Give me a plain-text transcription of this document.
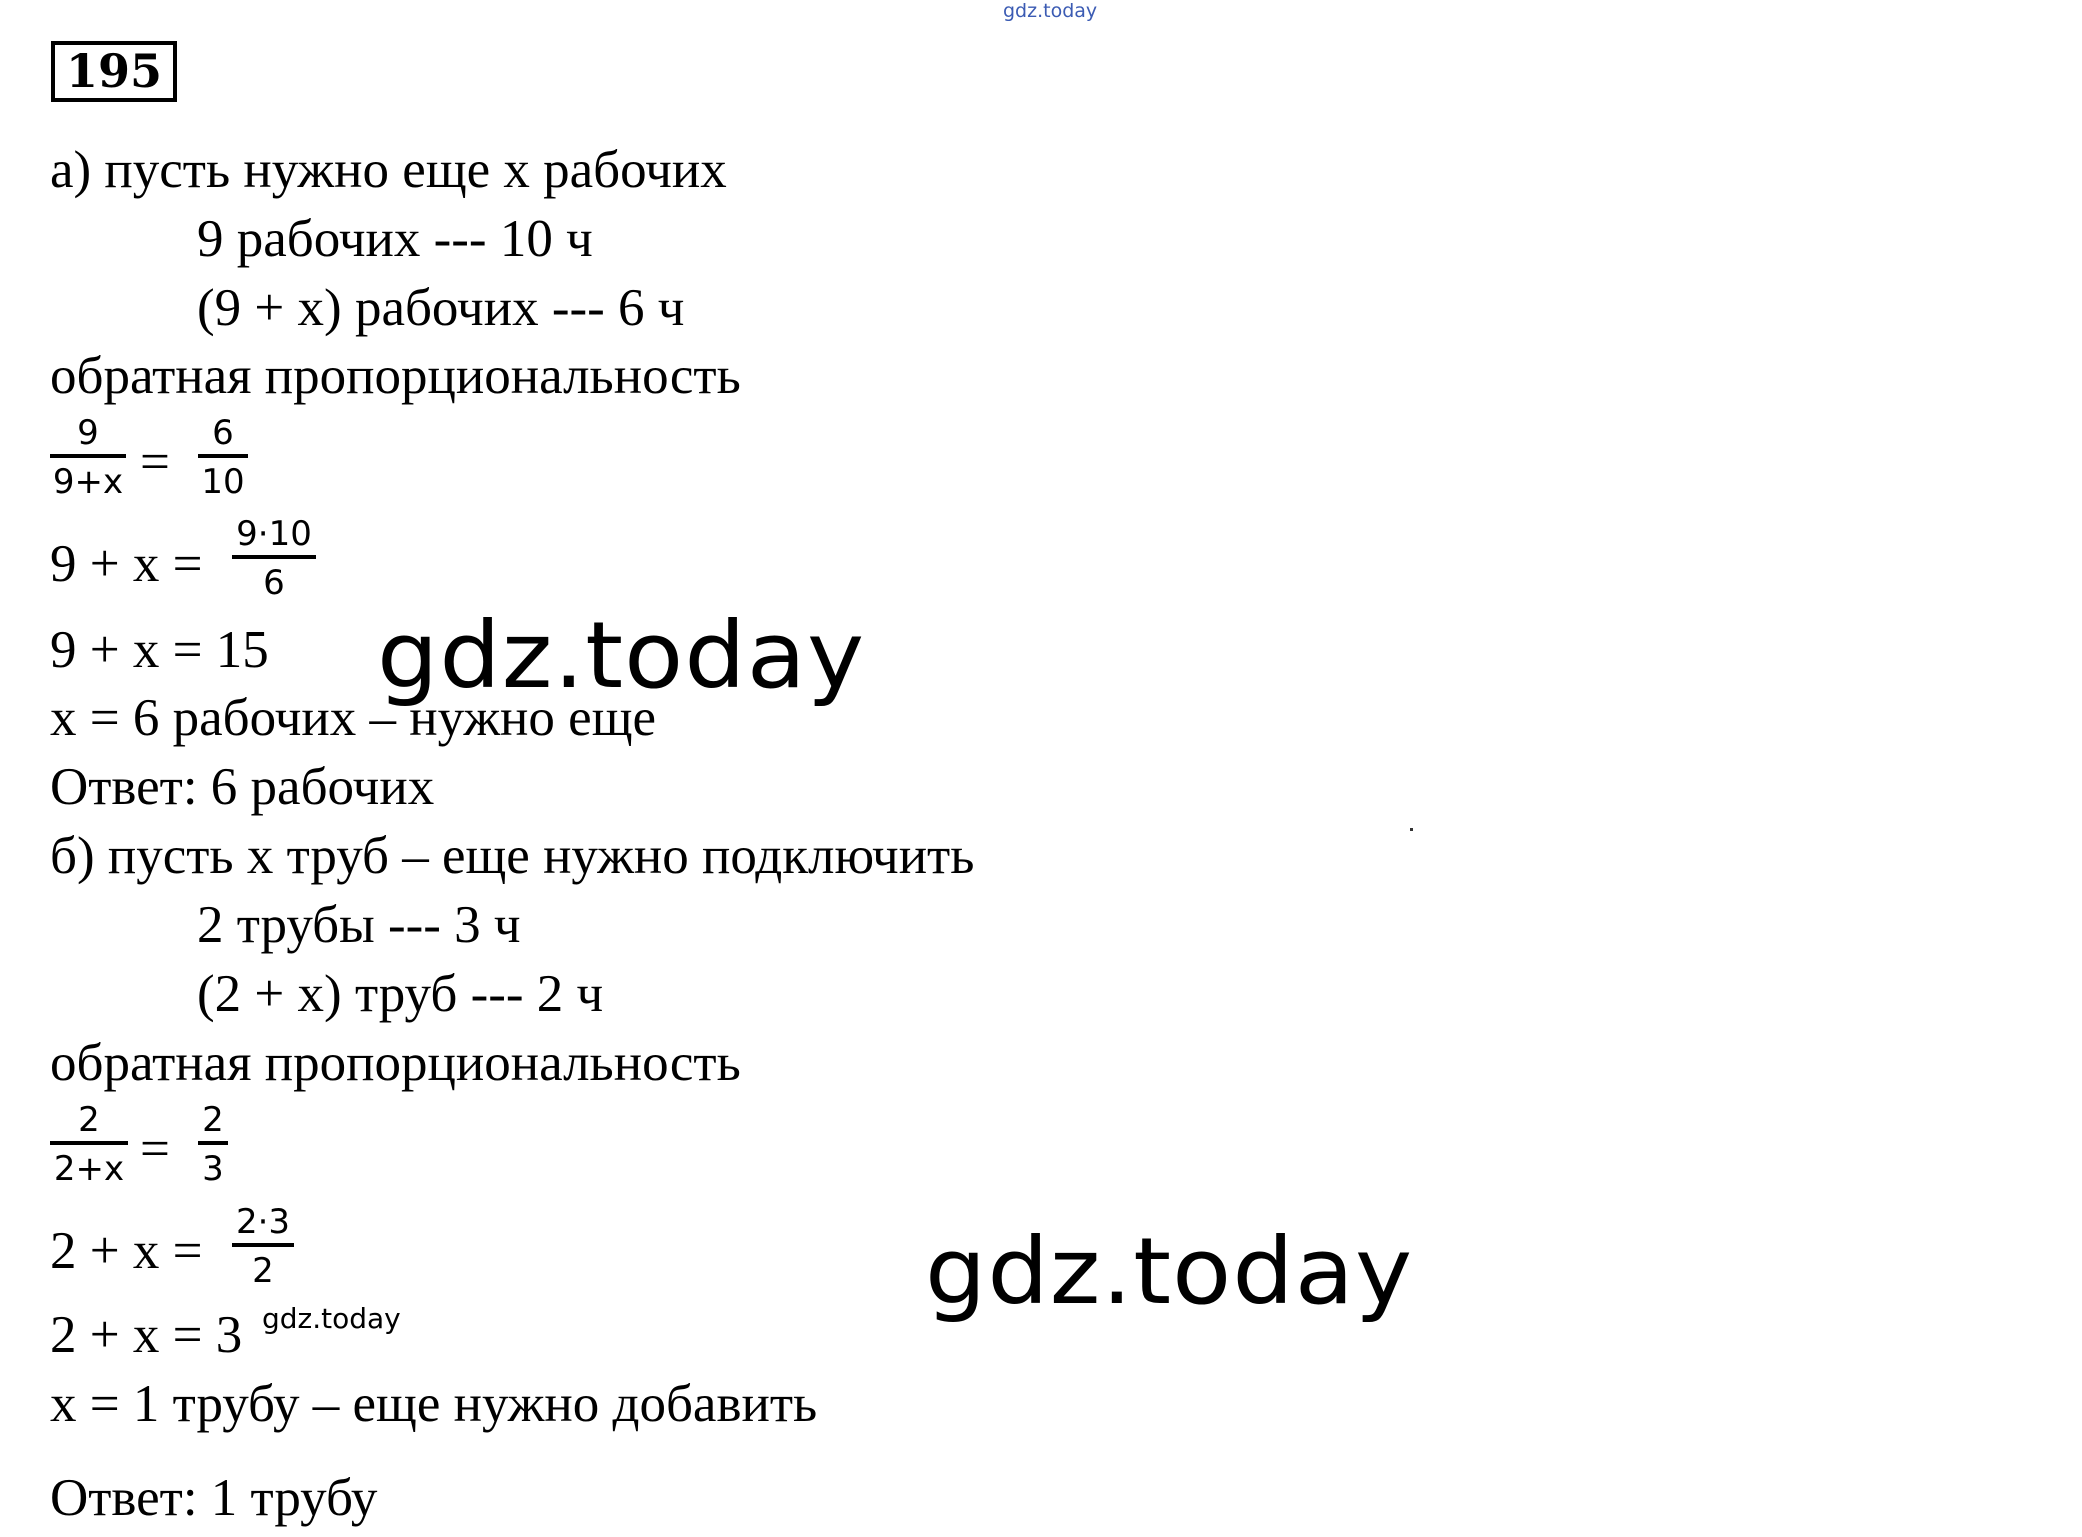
gdz.today
195
а) пусть нужно еще x рабочих
9 рабочих --- 10 ч
(9 + x) рабочих --- 6 ч
обратная пропорциональность
9
9+x =	6
10
9 + x =
9·10
6
9 + x = 15
x = 6 рабочих – нужно еще
Ответ: 6 рабочих
б) пусть x труб – еще нужно подключить
2 трубы --- 3 ч
(2 + x) труб --- 2 ч
обратная пропорциональность
2
2+x = 2
3
2 + x = 2·3
2
2 + x = 3
x = 1 трубу – еще нужно добавить
Ответ: 1 трубу
gdz.today
gdz.today
gdz.today
